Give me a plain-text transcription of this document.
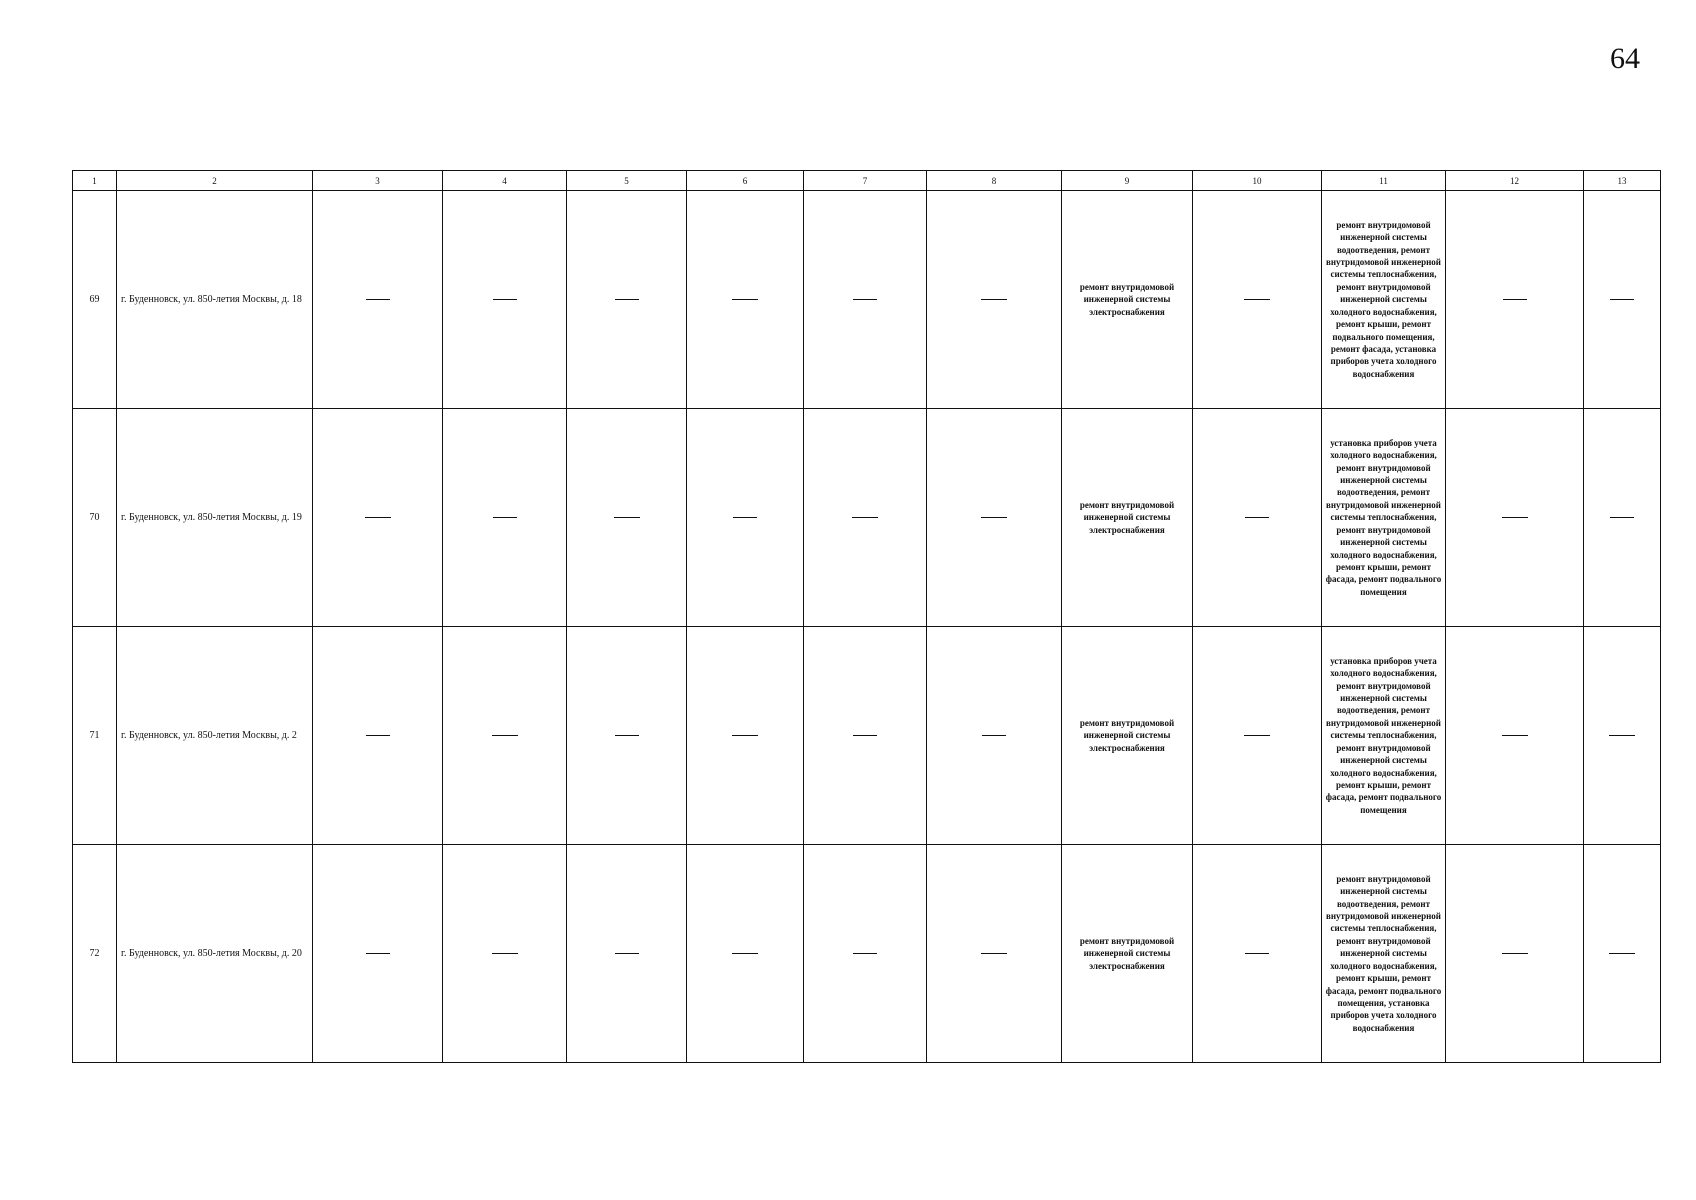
64
1	2	3	4	5	6	7	8	9	10	11	12	13
69	г. Буденновск, ул. 850-летия Москвы, д. 18							ремонт внутридомовой инженерной системы электроснабжения		ремонт внутридомовой инженерной системы водоотведения, ремонт внутридомовой инженерной системы теплоснабжения, ремонт внутридомовой инженерной системы холодного водоснабжения, ремонт крыши, ремонт подвального помещения, ремонт фасада, установка приборов учета холодного водоснабжения		
70	г. Буденновск, ул. 850-летия Москвы, д. 19							ремонт внутридомовой инженерной системы электроснабжения		установка приборов учета холодного водоснабжения, ремонт внутридомовой инженерной системы водоотведения, ремонт внутридомовой инженерной системы теплоснабжения, ремонт внутридомовой инженерной системы холодного водоснабжения, ремонт крыши, ремонт фасада, ремонт подвального помещения		
71	г. Буденновск, ул. 850-летия Москвы, д. 2							ремонт внутридомовой инженерной системы электроснабжения		установка приборов учета холодного водоснабжения, ремонт внутридомовой инженерной системы водоотведения, ремонт внутридомовой инженерной системы теплоснабжения, ремонт внутридомовой инженерной системы холодного водоснабжения, ремонт крыши, ремонт фасада, ремонт подвального помещения		
72	г. Буденновск, ул. 850-летия Москвы, д. 20							ремонт внутридомовой инженерной системы электроснабжения		ремонт внутридомовой инженерной системы водоотведения, ремонт внутридомовой инженерной системы теплоснабжения, ремонт внутридомовой инженерной системы холодного водоснабжения, ремонт крыши, ремонт фасада, ремонт подвального помещения, установка приборов учета холодного водоснабжения		
